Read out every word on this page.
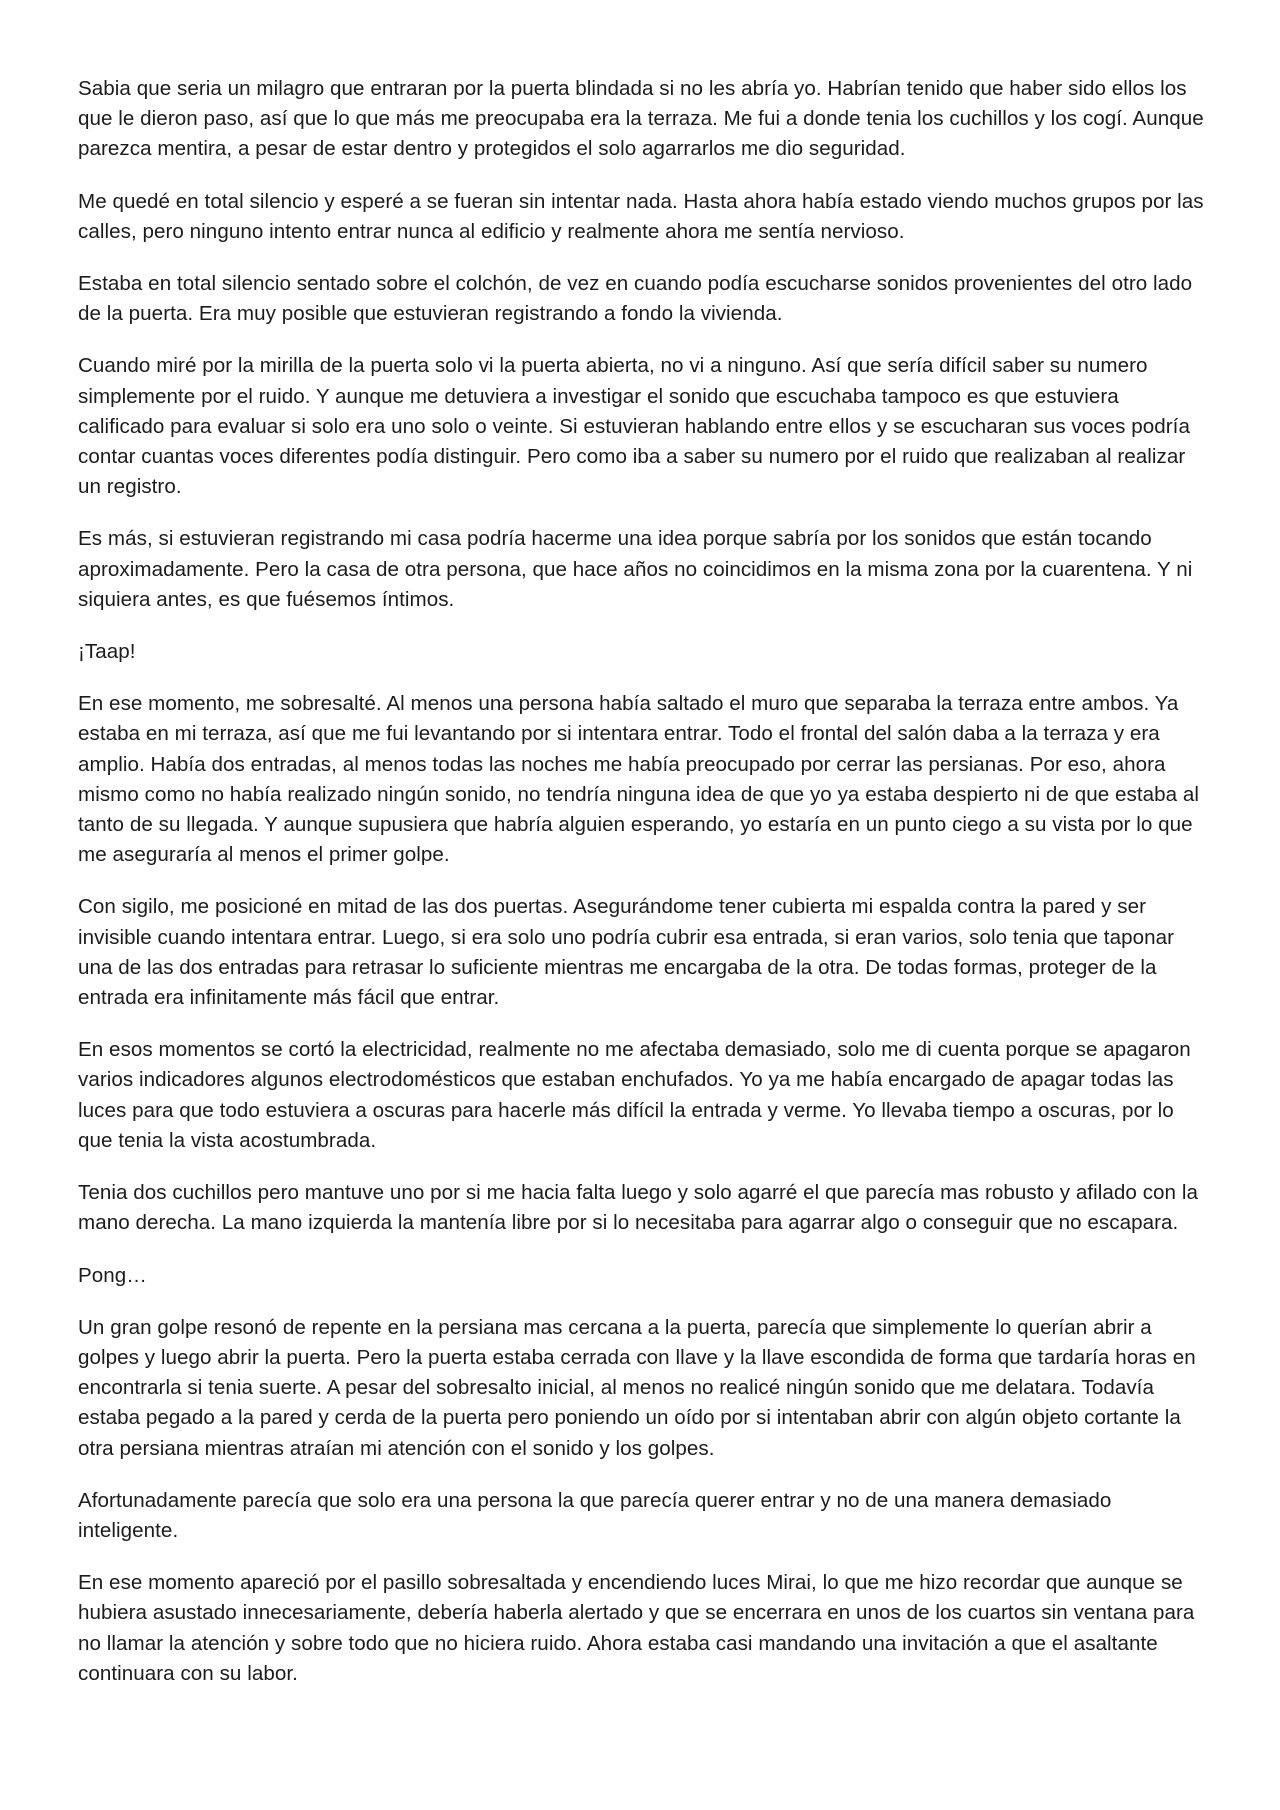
Sabia que seria un milagro que entraran por la puerta blindada si no les abría yo. Habrían tenido que haber sido ellos los que le dieron paso, así que lo que más me preocupaba era la terraza. Me fui a donde tenia los cuchillos y los cogí. Aunque parezca mentira, a pesar de estar dentro y protegidos el solo agarrarlos me dio seguridad.

Me quedé en total silencio y esperé a se fueran sin intentar nada. Hasta ahora había estado viendo muchos grupos por las calles, pero ninguno intento entrar nunca al edificio y realmente ahora me sentía nervioso.

Estaba en total silencio sentado sobre el colchón, de vez en cuando podía escucharse sonidos provenientes del otro lado de la puerta. Era muy posible que estuvieran registrando a fondo la vivienda.

Cuando miré por la mirilla de la puerta solo vi la puerta abierta, no vi a ninguno. Así que sería difícil saber su numero simplemente por el ruido. Y aunque me detuviera a investigar el sonido que escuchaba tampoco es que estuviera calificado para evaluar si solo era uno solo o veinte. Si estuvieran hablando entre ellos y se escucharan sus voces podría contar cuantas voces diferentes podía distinguir. Pero como iba a saber su numero por el ruido que realizaban al realizar un registro.

Es más, si estuvieran registrando mi casa podría hacerme una idea porque sabría por los sonidos que están tocando aproximadamente. Pero la casa de otra persona, que hace años no coincidimos en la misma zona por la cuarentena. Y ni siquiera antes, es que fuésemos íntimos.

¡Taap!

En ese momento, me sobresalté. Al menos una persona había saltado el muro que separaba la terraza entre ambos. Ya estaba en mi terraza, así que me fui levantando por si intentara entrar. Todo el frontal del salón daba a la terraza y era amplio. Había dos entradas, al menos todas las noches me había preocupado por cerrar las persianas. Por eso, ahora mismo como no había realizado ningún sonido, no tendría ninguna idea de que yo ya estaba despierto ni de que estaba al tanto de su llegada. Y aunque supusiera que habría alguien esperando, yo estaría en un punto ciego a su vista por lo que me aseguraría al menos el primer golpe.

Con sigilo, me posicioné en mitad de las dos puertas. Asegurándome tener cubierta mi espalda contra la pared y ser invisible cuando intentara entrar. Luego, si era solo uno podría cubrir esa entrada, si eran varios, solo tenia que taponar una de las dos entradas para retrasar lo suficiente mientras me encargaba de la otra. De todas formas, proteger de la entrada era infinitamente más fácil que entrar.

En esos momentos se cortó la electricidad, realmente no me afectaba demasiado, solo me di cuenta porque se apagaron varios indicadores algunos electrodomésticos que estaban enchufados. Yo ya me había encargado de apagar todas las luces para que todo estuviera a oscuras para hacerle más difícil la entrada y verme. Yo llevaba tiempo a oscuras, por lo que tenia la vista acostumbrada.

Tenia dos cuchillos pero mantuve uno por si me hacia falta luego y solo agarré el que parecía mas robusto y afilado con la mano derecha. La mano izquierda la mantenía libre por si lo necesitaba para agarrar algo o conseguir que no escapara.

Pong…

Un gran golpe resonó de repente en la persiana mas cercana a la puerta, parecía que simplemente lo querían abrir a golpes y luego abrir la puerta. Pero la puerta estaba cerrada con llave y la llave escondida de forma que tardaría horas en encontrarla si tenia suerte. A pesar del sobresalto inicial, al menos no realicé ningún sonido que me delatara. Todavía estaba pegado a la pared y cerda de la puerta pero poniendo un oído por si intentaban abrir con algún objeto cortante la otra persiana mientras atraían mi atención con el sonido y los golpes.

Afortunadamente parecía que solo era una persona la que parecía querer entrar y no de una manera demasiado inteligente.

En ese momento apareció por el pasillo sobresaltada y encendiendo luces Mirai, lo que me hizo recordar que aunque se hubiera asustado innecesariamente, debería haberla alertado y que se encerrara en unos de los cuartos sin ventana para no llamar la atención y sobre todo que no hiciera ruido. Ahora estaba casi mandando una invitación a que el asaltante continuara con su labor.
